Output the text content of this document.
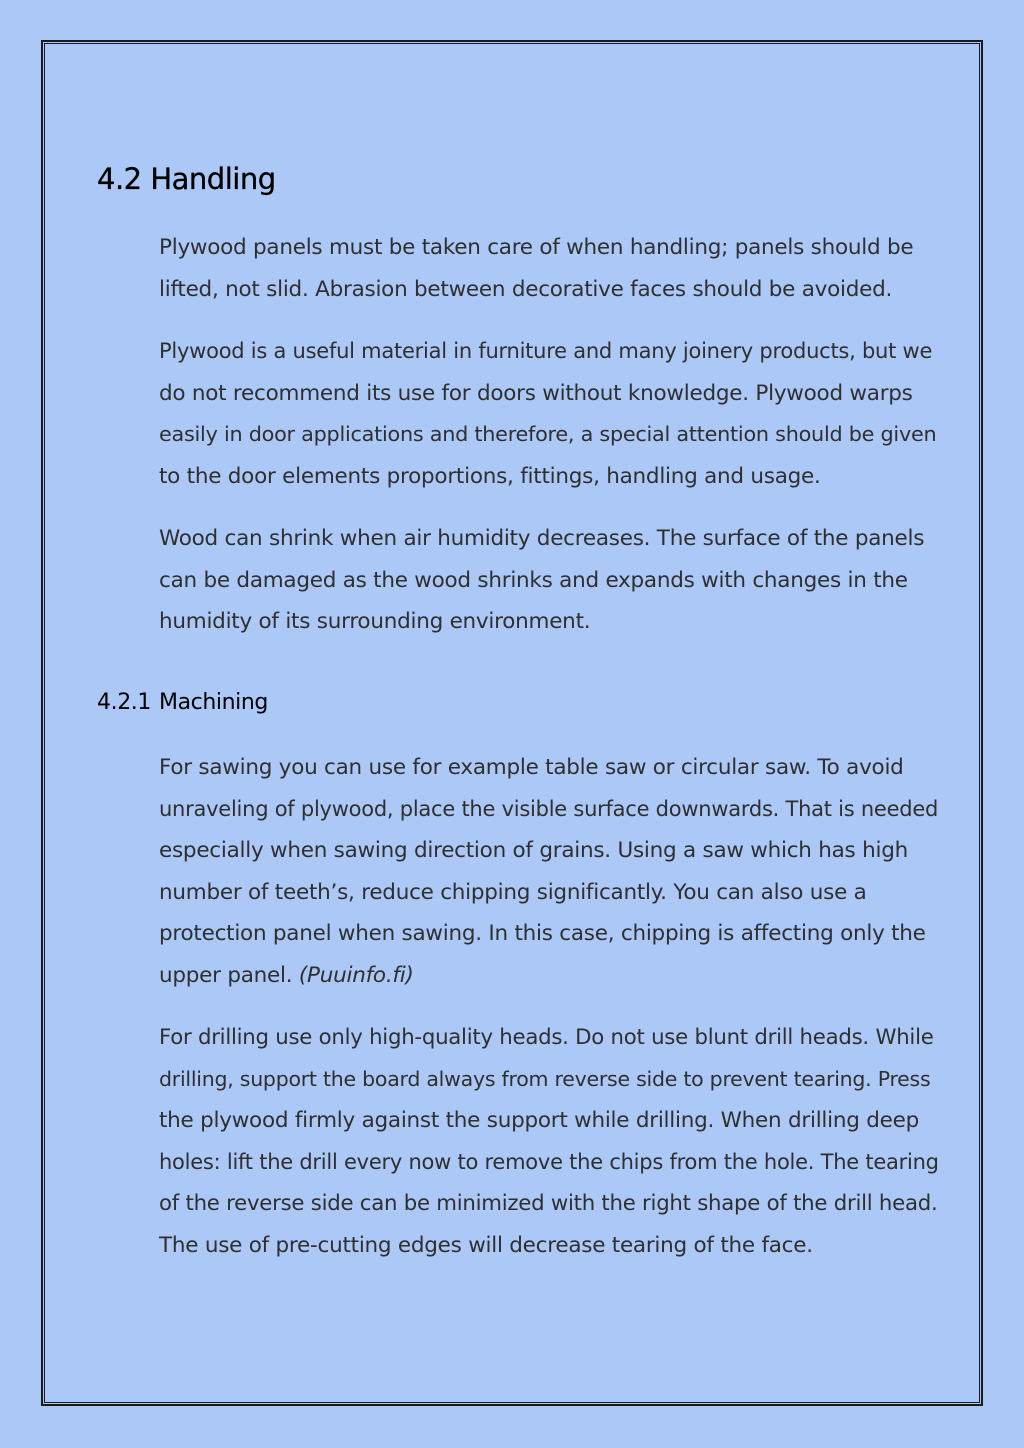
4.2 Handling

Plywood panels must be taken care of when handling; panels should be
lifted, not slid. Abrasion between decorative faces should be avoided.

Plywood is a useful material in furniture and many joinery products, but we
do not recommend its use for doors without knowledge. Plywood warps
easily in door applications and therefore, a special attention should be given
to the door elements proportions, fittings, handling and usage.

Wood can shrink when air humidity decreases. The surface of the panels
can be damaged as the wood shrinks and expands with changes in the
humidity of its surrounding environment.

4.2.1 Machining

For sawing you can use for example table saw or circular saw. To avoid
unraveling of plywood, place the visible surface downwards. That is needed
especially when sawing direction of grains. Using a saw which has high
number of teeth’s, reduce chipping significantly. You can also use a
protection panel when sawing. In this case, chipping is affecting only the
upper panel. (Puuinfo.fi)

For drilling use only high-quality heads. Do not use blunt drill heads. While
drilling, support the board always from reverse side to prevent tearing. Press
the plywood firmly against the support while drilling. When drilling deep
holes: lift the drill every now to remove the chips from the hole. The tearing
of the reverse side can be minimized with the right shape of the drill head.
The use of pre-cutting edges will decrease tearing of the face.
